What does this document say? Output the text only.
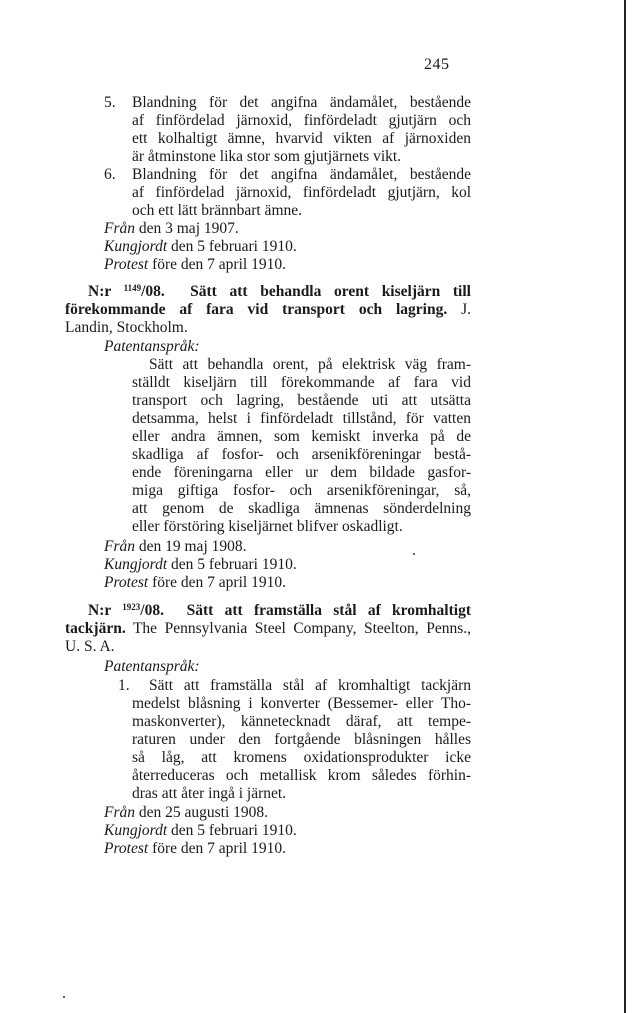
245
5. Blandning för det angifna ändamålet, bestående
af finfördelad järnoxid, finfördeladt gjutjärn och
ett kolhaltigt ämne, hvarvid vikten af järnoxiden
är åtminstone lika stor som gjutjärnets vikt.
6. Blandning för det angifna ändamålet, bestående
af finfördelad järnoxid, finfördeladt gjutjärn, kol
och ett lätt brännbart ämne.
Från den 3 maj 1907.
Kungjordt den 5 februari 1910.
Protest före den 7 april 1910.
N:r $^{1149}$/08. Sätt att behandla orent kiseljärn till
förekommande af fara vid transport och lagring. J.
Landin, Stockholm.
Patentanspråk:
Sätt att behandla orent, på elektrisk väg fram-
ställdt kiseljärn till förekommande af fara vid
transport och lagring, bestående uti att utsätta
detsamma, helst i finfördeladt tillstånd, för vatten
eller andra ämnen, som kemiskt inverka på de
skadliga af fosfor- och arsenikföreningar bestå-
ende föreningarna eller ur dem bildade gasfor-
miga giftiga fosfor- och arsenikföreningar, så,
att genom de skadliga ämnenas sönderdelning
eller förstöring kiseljärnet blifver oskadligt.
Från den 19 maj 1908.
Kungjordt den 5 februari 1910.
Protest före den 7 april 1910.
N:r $^{1923}$/08. Sätt att framställa stål af kromhaltigt
tackjärn. The Pennsylvania Steel Company, Steelton, Penns.,
U. S. A.
Patentanspråk:
1. Sätt att framställa stål af kromhaltigt tackjärn
medelst blåsning i konverter (Bessemer- eller Tho-
maskonverter), kännetecknadt däraf, att tempe-
raturen under den fortgående blåsningen hålles
så låg, att kromens oxidationsprodukter icke
återreduceras och metallisk krom således förhin-
dras att åter ingå i järnet.
Från den 25 augusti 1908.
Kungjordt den 5 februari 1910.
Protest före den 7 april 1910.
